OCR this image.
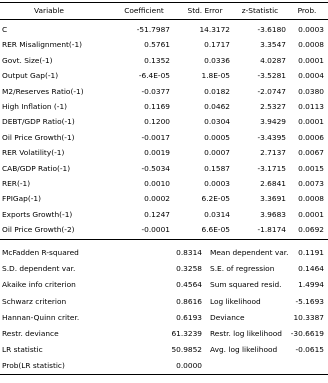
Variable	Coefficient	Std. Error	z-Statistic	Prob.
C	-51.7987	14.3172	-3.6180	0.0003
RER Misalignment(-1)	0.5761	0.1717	3.3547	0.0008
Govt. Size(-1)	0.1352	0.0336	4.0287	0.0001
Output Gap(-1)	-6.4E-05	1.8E-05	-3.5281	0.0004
M2/Reserves Ratio(-1)	-0.0377	0.0182	-2.0747	0.0380
High Inflation (-1)	0.1169	0.0462	2.5327	0.0113
DEBT/GDP Ratio(-1)	0.1200	0.0304	3.9429	0.0001
Oil Price Growth(-1)	-0.0017	0.0005	-3.4395	0.0006
RER Volatility(-1)	0.0019	0.0007	2.7137	0.0067
CAB/GDP Ratio(-1)	-0.5034	0.1587	-3.1715	0.0015
RER(-1)	0.0010	0.0003	2.6841	0.0073
FPIGap(-1)	0.0002	6.2E-05	3.3691	0.0008
Exports Growth(-1)	0.1247	0.0314	3.9683	0.0001
Oil Price Growth(-2)	-0.0001	6.6E-05	-1.8174	0.0692
McFadden R-squared	0.8314 Mean dependent var.	0.1191
S.D. dependent var.	0.3258 S.E. of regression	0.1464
Akaike info criterion	0.4564 Sum squared resid.	1.4994
Schwarz criterion	0.8616 Log likelihood	-5.1693
Hannan-Quinn criter.	0.6193 Deviance	10.3387
Restr. deviance	61.3239 Restr. log likelihood	-30.6619
LR statistic	50.9852 Avg. log likelihood	-0.0615
Prob(LR statistic)	0.0000
